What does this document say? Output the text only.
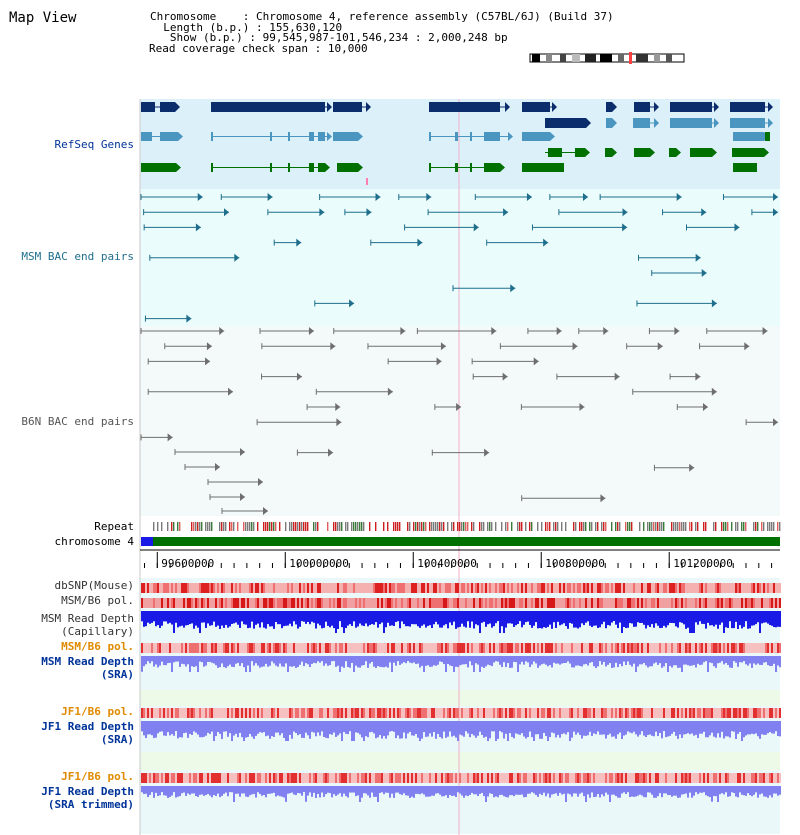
Map View	Chromosome    : Chromosome 4, reference assembly (C57BL/6J) (Build 37)
Length (b.p.) : 155,630,120
Show (b.p.) : 99,545,987-101,546,234 : 2,000,248 bp
Read coverage check span : 10,000
RefSeq Genes
MSM BAC end pairs
B6N BAC end pairs
Repeat
chromosome 4
dbSNP(Mouse)
MSM/B6 pol.
MSM Read Depth
(Capillary)
MSM/B6 pol.
MSM Read Depth
(SRA)
JF1/B6 pol.
JF1 Read Depth
(SRA)
JF1/B6 pol.
JF1 Read Depth
(SRA trimmed)
99600000	100000000	100400000	100800000	101200000
